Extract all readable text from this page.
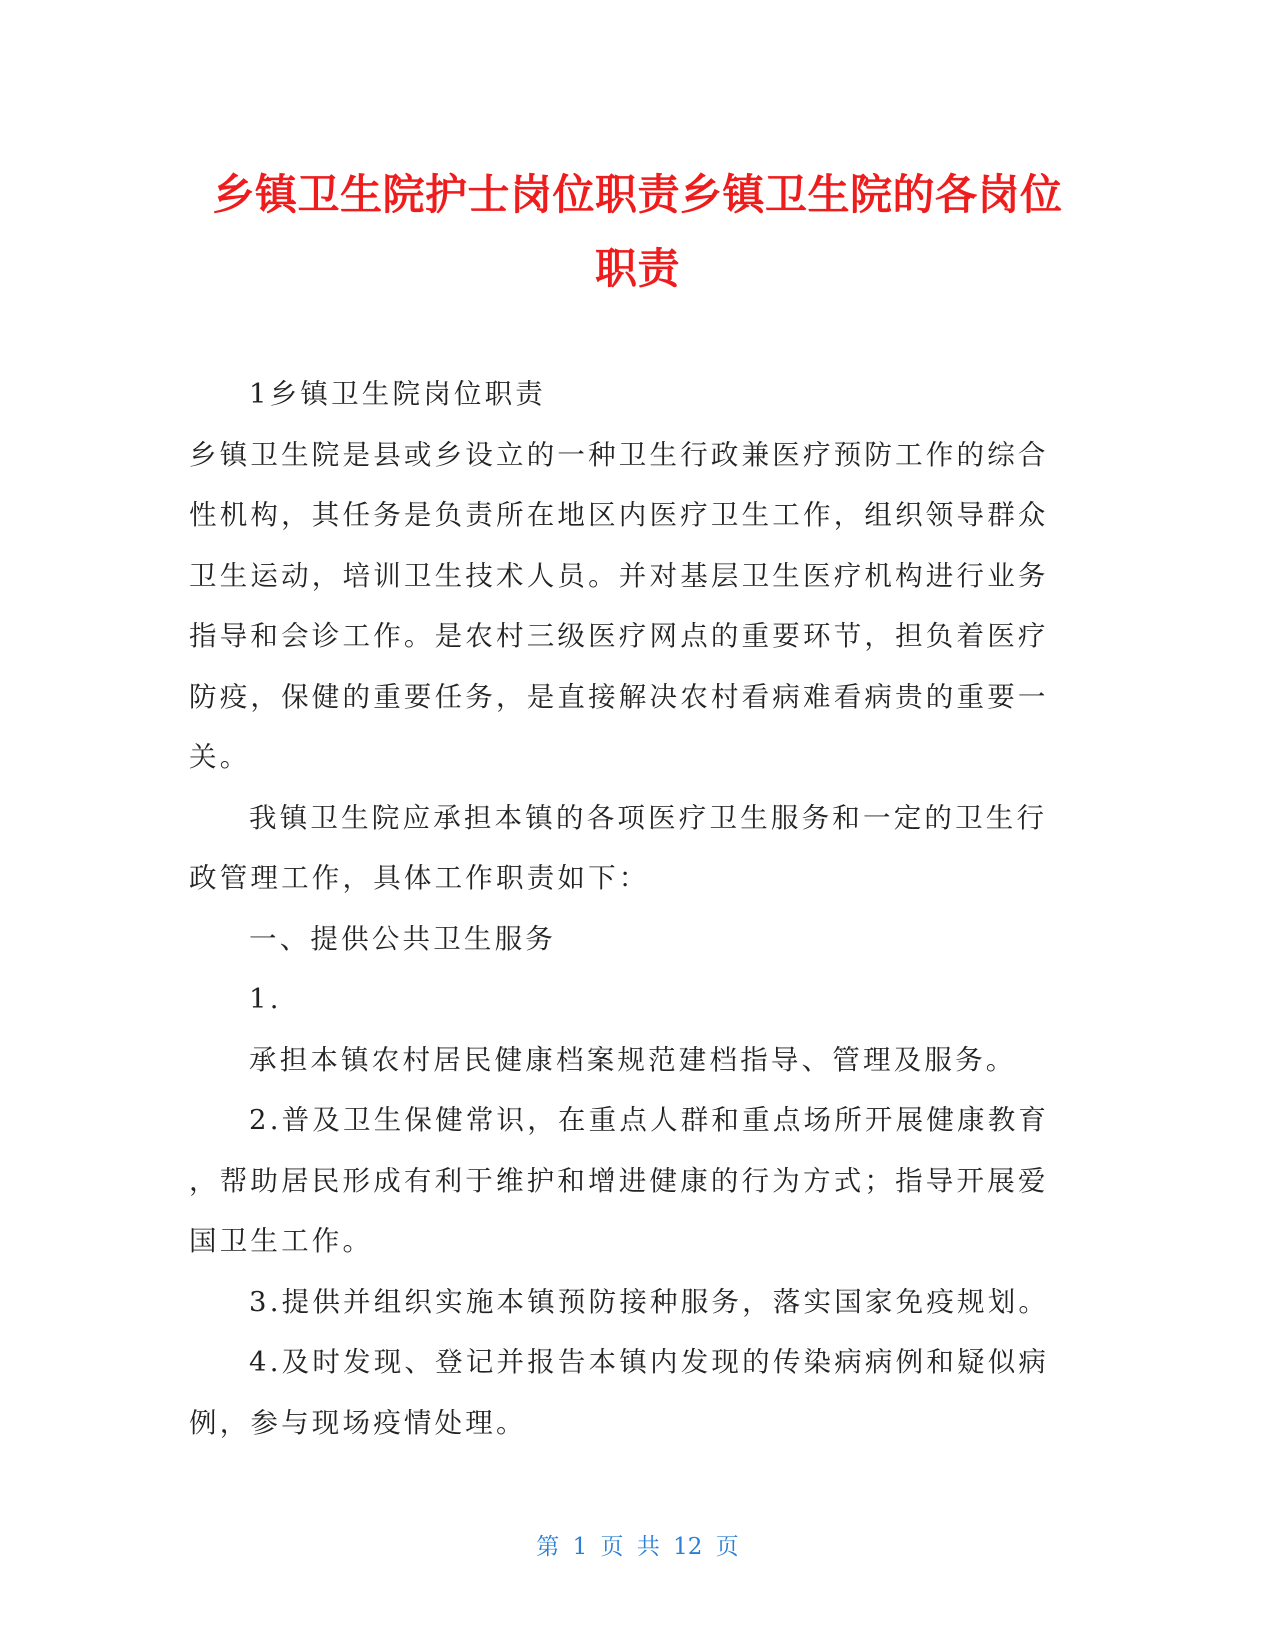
乡镇卫生院护士岗位职责乡镇卫生院的各岗位
职责

1乡镇卫生院岗位职责

乡镇卫生院是县或乡设立的一种卫生行政兼医疗预防工作的综合
性机构，其任务是负责所在地区内医疗卫生工作，组织领导群众
卫生运动，培训卫生技术人员。并对基层卫生医疗机构进行业务
指导和会诊工作。是农村三级医疗网点的重要环节，担负着医疗
防疫，保健的重要任务，是直接解决农村看病难看病贵的重要一
关。

我镇卫生院应承担本镇的各项医疗卫生服务和一定的卫生行
政管理工作，具体工作职责如下：

一、提供公共卫生服务

1.

承担本镇农村居民健康档案规范建档指导、管理及服务。

2.普及卫生保健常识，在重点人群和重点场所开展健康教育
，帮助居民形成有利于维护和增进健康的行为方式；指导开展爱
国卫生工作。

3.提供并组织实施本镇预防接种服务，落实国家免疫规划。

4.及时发现、登记并报告本镇内发现的传染病病例和疑似病
例，参与现场疫情处理。

第 1 页 共 12 页
